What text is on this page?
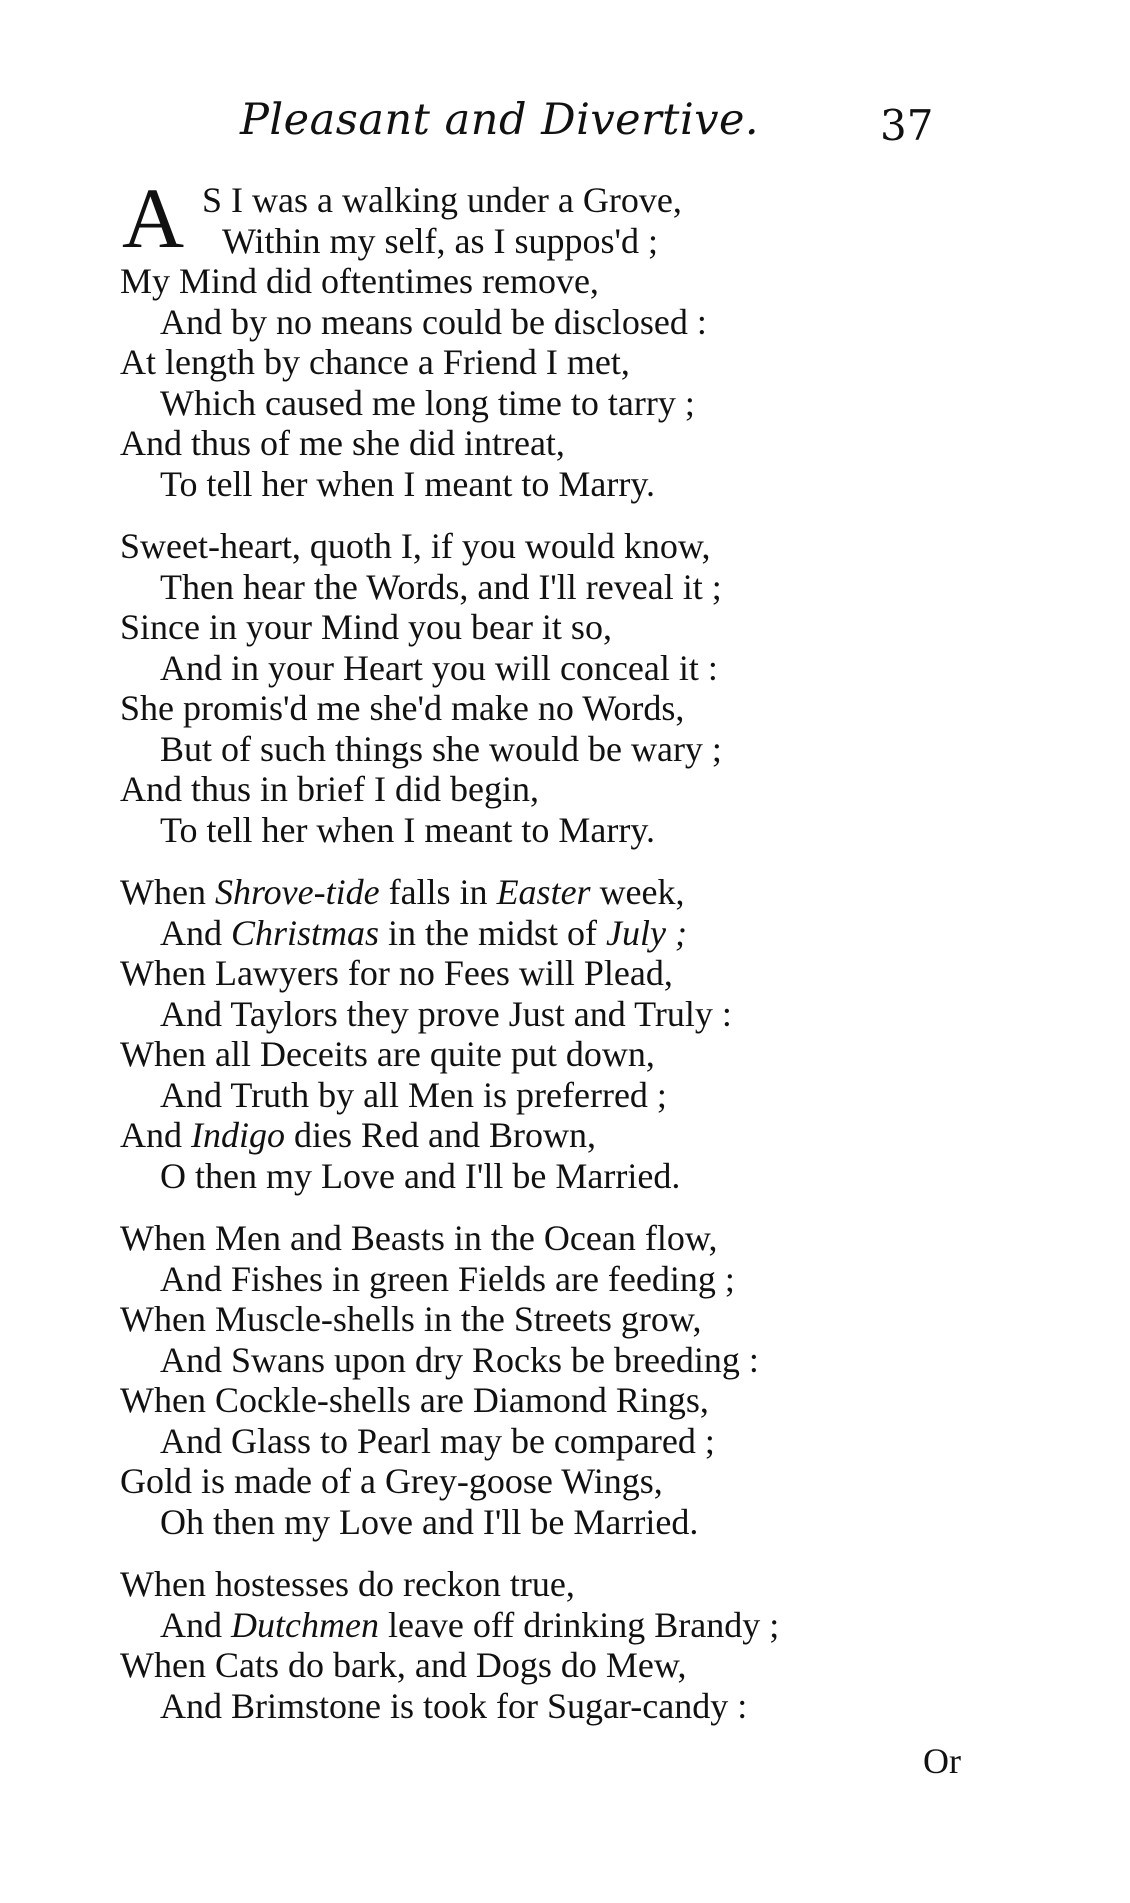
Pleasant and Divertive.	37
A S I was a walking under a Grove,
Within my self, as I suppos'd ;
My Mind did oftentimes remove,
And by no means could be disclosed :
At length by chance a Friend I met,
Which caused me long time to tarry ;
And thus of me she did intreat,
To tell her when I meant to Marry.
Sweet-heart, quoth I, if you would know,
Then hear the Words, and I'll reveal it ;
Since in your Mind you bear it so,
And in your Heart you will conceal it :
She promis'd me she'd make no Words,
But of such things she would be wary ;
And thus in brief I did begin,
To tell her when I meant to Marry.
When Shrove-tide falls in Easter week,
And Christmas in the midst of July ;
When Lawyers for no Fees will Plead,
And Taylors they prove Just and Truly :
When all Deceits are quite put down,
And Truth by all Men is preferred ;
And Indigo dies Red and Brown,
O then my Love and I'll be Married.
When Men and Beasts in the Ocean flow,
And Fishes in green Fields are feeding ;
When Muscle-shells in the Streets grow,
And Swans upon dry Rocks be breeding :
When Cockle-shells are Diamond Rings,
And Glass to Pearl may be compared ;
Gold is made of a Grey-goose Wings,
Oh then my Love and I'll be Married.
When hostesses do reckon true,
And Dutchmen leave off drinking Brandy ;
When Cats do bark, and Dogs do Mew,
And Brimstone is took for Sugar-candy :
Or
